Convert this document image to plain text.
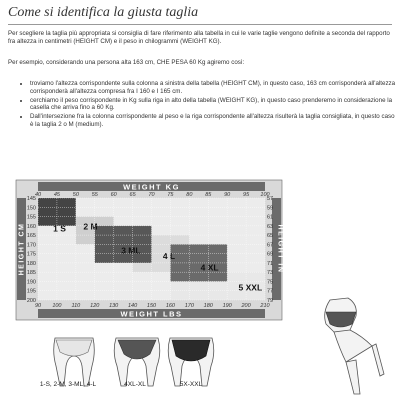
Come si identifica la giusta taglia
Per scegliere la taglia più appropriata si consiglia di fare riferimento alla tabella in cui le varie taglie vengono definite a seconda del rapporto fra altezza in centimetri (HEIGHT CM) e il peso in chilogrammi (WEIGHT KG).
Per esempio, considerando una persona alta 163 cm, CHE PESA 60 Kg agiremo così:
• troviamo l'altezza corrispondente sulla colonna a sinistra della tabella (HEIGHT CM), in questo caso, 163 cm corrisponderà all'altezza corrisponderà all'altezza compresa fra I 160 e I 165 cm.
• cerchiamo il peso corrispondente in Kg sulla riga in alto della tabella (WEIGHT KG), in questo caso prenderemo in considerazione la casella che arriva fino a 60 Kg.
• Dall'intersezione fra la colonna corrispondente al peso e la riga corrispondente all'altezza risulterà la taglia consigliata, in questo caso è la taglia 2 o M (medium).
WEIGHT KG
WEIGHT LBS
HEIGHT CM	HEIGHT IN
1 S 2 M
3 ML
4 L
4 XL
5 XXL
40 45 50 55 60 65 70 75 80 85 90 95 100
90 100 110 120 130 140 150 160 170 180 190 200 210
145
150
155
160
165
170
175
180
185
190
195
200
57
59
61
63
65
67
69
71
73
75
77
79
1-S, 2-M, 3-ML, 4-L	4XL-XL	5X-XXL
